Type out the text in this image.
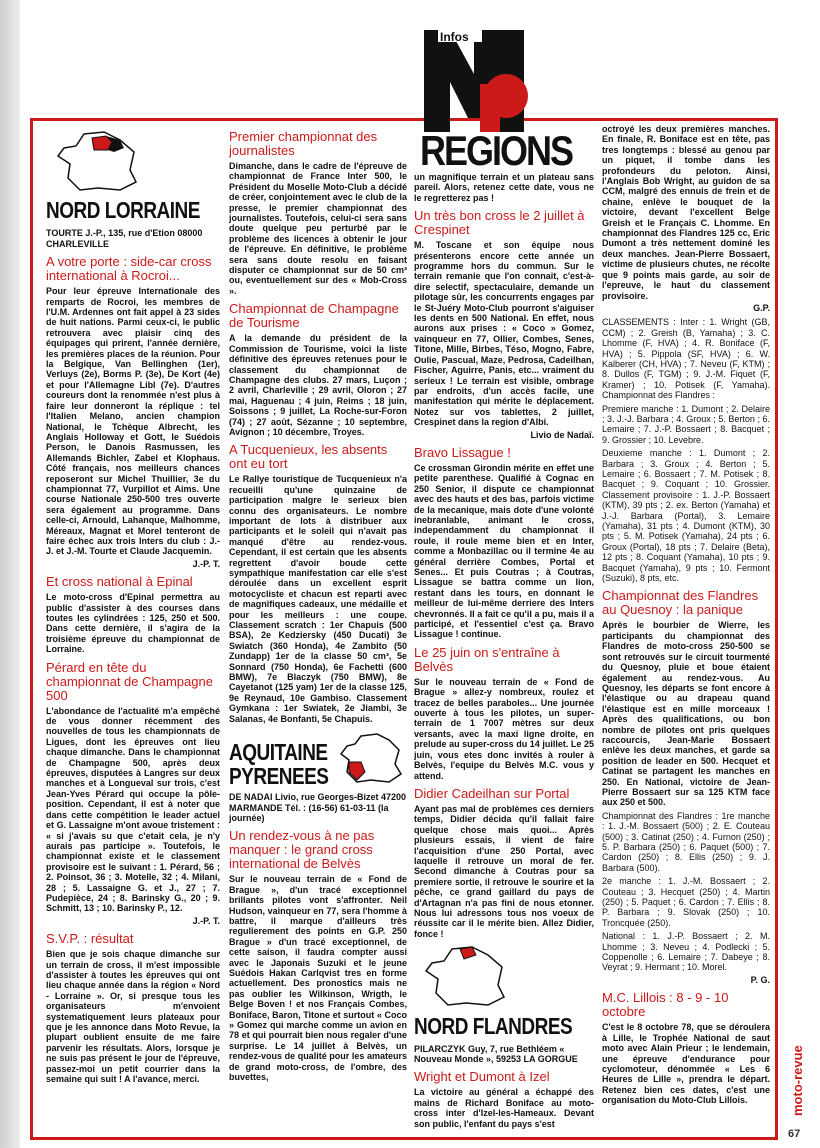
Infos
REGIONS
NORD LORRAINE
TOURTE J.-P., 135, rue d'Etion 08000 CHARLEVILLE
A votre porte : side-car cross international à Rocroi...

Pour leur épreuve Internationale des remparts de Rocroi, les membres de l'U.M. Ardennes ont fait appel à 23 sides de huit nations. Parmi ceux-ci, le public retrouvera avec plaisir cinq des équipages qui prirent, l'année dernière, les premières places de la réunion. Pour la Belgique, Van Bellinghen (1er), Verluys (2e), Borms P. (3e), De Kort (4e) et pour l'Allemagne Libl (7e). D'autres coureurs dont la renommée n'est plus à faire leur donneront la réplique : tel l'Italien Melano, ancien champion National, le Tchèque Albrecht, les Anglais Holloway et Gott, le Suédois Person, le Danois Rasmussen, les Allemands Bichler, Zabel et Klophaus. Côté français, nos meilleurs chances reposeront sur Michel Thuillier, 3e du championnat 77, Vurpillot et Aims. Une course Nationale 250-500 tres ouverte sera également au programme. Dans celle-ci, Arnould, Lahanque, Malhomme, Méreaux, Magnat et Morel tenteront de faire échec aux trois Inters du club : J.-J. et J.-M. Tourte et Claude Jacquemin.

J.-P. T.
Et cross national à Epinal

Le moto-cross d'Epinal permettra au public d'assister à des courses dans toutes les cylindrées : 125, 250 et 500. Dans cette dernière, il s'agira de la troisième épreuve du championnat de Lorraine.

Pérard en tête du championnat de Champagne 500

L'abondance de l'actualité m'a empêché de vous donner récemment des nouvelles de tous les championnats de Ligues, dont les épreuves ont lieu chaque dimanche. Dans le championnat de Champagne 500, après deux épreuves, disputées à Langres sur deux manches et à Longueval sur trois, c'est Jean-Yves Pérard qui occupe la pôle-position. Cependant, il est à noter que dans cette compétition le leader actuel et G. Lassaigne m'ont avoue tristement : « si j'avais su que c'etait cela, je n'y aurais pas participe ». Toutefois, le championnat existe et le classement provisoire est le suivant : 1. Pérard, 56 ; 2. Poinsot, 36 ; 3. Motelle, 32 ; 4. Milani, 28 ; 5. Lassaigne G. et J., 27 ; 7. Pudepièce, 24 ; 8. Barinsky G., 20 ; 9. Schmitt, 13 ; 10. Barinsky P., 12.

J.-P. T.
S.V.P. : résultat

Bien que je sois chaque dimanche sur un terrain de cross, il m'est impossible d'assister à toutes les épreuves qui ont lieu chaque année dans la région « Nord - Lorraine ». Or, si presque tous les organisateurs m'envoient systematiquement leurs plateaux pour que je les annonce dans Moto Revue, la plupart oublient ensuite de me faire parvenir les résultats. Alors, lorsque je ne suis pas présent le jour de l'épreuve, passez-moi un petit courrier dans la semaine qui suit ! A l'avance, merci.

Premier championnat des journalistes

Dimanche, dans le cadre de l'épreuve de championnat de France Inter 500, le Président du Moselle Moto-Club a décidé de créer, conjointement avec le club de la presse, le premier championnat des journalistes. Toutefois, celui-ci sera sans doute quelque peu perturbé par le problème des licences à obtenir le jour de l'épreuve. En définitive, le problème sera sans doute resolu en faisant disputer ce championnat sur de 50 cm³ ou, eventuellement sur des « Mob-Cross ».

Championnat de Champagne de Tourisme

A la demande du président de la Commission de Tourisme, voici la liste définitive des épreuves retenues pour le classement du championnat de Champagne des clubs. 27 mars, Luçon ; 2 avril, Charleville ; 29 avril, Oloron ; 27 mai, Haguenau ; 4 juin, Reims ; 18 juin, Soissons ; 9 juillet, La Roche-sur-Foron (74) ; 27 août, Sézanne ; 10 septembre, Avignon ; 10 décembre, Troyes.

A Tucquenieux, les absents ont eu tort

Le Rallye touristique de Tucquenieux n'a recueilli qu'une quinzaine de participation malgre le serieux bien connu des organisateurs. Le nombre important de lots à distribuer aux participants et le soleil qui n'avait pas manqué d'être au rendez-vous. Cependant, il est certain que les absents regrettent d'avoir boude cette sympathique manifestation car elle s'est déroulée dans un excellent esprit motocycliste et chacun est reparti avec de magnifiques cadeaux, une médaille et pour les meilleurs : une coupe. Classement scratch : 1er Chapuis (500 BSA), 2e Kedziersky (450 Ducati) 3e Swiatch (360 Honda), 4e Zambito (50 Zundapp) 1er de la classe 50 cm³, 5e Sonnard (750 Honda), 6e Fachetti (600 BMW), 7e Blaczyk (750 BMW), 8e Cayetanot (125 yam) 1er de la classe 125, 9e Reynaud, 10e Gambiso. Classement Gymkana : 1er Swiatek, 2e Jiambi, 3e Salanas, 4e Bonfanti, 5e Chapuis.

AQUITAINE PYRENEES
DE NADAI Livio, rue Georges-Bizet 47200 MARMANDE Tél. : (16-56) 61-03-11 (la journée)
Un rendez-vous à ne pas manquer : le grand cross international de Belvès

Sur le nouveau terrain de « Fond de Brague », d'un tracé exceptionnel brillants pilotes vont s'affronter. Neil Hudson, vainqueur en 77, sera l'homme à battre, il marque d'ailleurs très regulierement des points en G.P. 250 Brague » d'un tracé exceptionnel, de cette saison, il faudra compter aussi avec le Japonais Suzuki et le jeune Suédois Hakan Carlqvist tres en forme actuellement. Des pronostics mais ne pas oublier les Wilkinson, Wrigth, le Belge Boven ! et nos Français Combes, Boniface, Baron, Titone et surtout « Coco » Gomez qui marche comme un avion en 78 et qui pourrait bien nous regaler d'une surprise. Le 14 juillet à Belvès, un rendez-vous de qualité pour les amateurs de grand moto-cross, de l'ombre, des buvettes,

un magnifique terrain et un plateau sans pareil. Alors, retenez cette date, vous ne le regretterez pas !

Un très bon cross le 2 juillet à Crespinet

M. Toscane et son équipe nous présenterons encore cette année un programme hors du commun. Sur le terrain remanie que l'on connait, c'est-à-dire selectif, spectaculaire, demande un pilotage sûr, les concurrents engages par le St-Juéry Moto-Club pourront s'aiguiser les dents en 500 National. En effet, nous aurons aux prises : « Coco » Gomez, vainqueur en 77, Ollier, Combes, Senes, Titone, Mille, Birbes, Téso, Mogno, Fabre, Oulie, Pascual, Maze, Pedrosa, Cadeilhan, Fischer, Aguirre, Panis, etc... vraiment du serieux ! Le terrain est visible, ombrage par endroits, d'un accès facile, une manifestation qui mérite le déplacement. Notez sur vos tablettes, 2 juillet, Crespinet dans la region d'Albi.

Livio de Nadaï.
Bravo Lissague !

Ce crossman Girondin mérite en effet une petite parenthese. Qualifié à Cognac en 250 Senior, il dispute ce championnat avec des hauts et des bas, parfois victime de la mecanique, mais dote d'une volonté inebranlable, animant le cross, independamment du championnat il roule, il roule meme bien et en Inter, comme a Monbazillac ou il termine 4e au général derrière Combes, Portal et Senes... Et puis Coutras ; à Coutras, Lissague se battra comme un lion, restant dans les tours, en donnant le meilleur de lui-même derriere des Inters chevronnés. Il a fait ce qu'il a pu, mais il a participé, et l'essentiel c'est ça. Bravo Lissague ! continue.

Le 25 juin on s'entraîne à Belvès

Sur le nouveau terrain de « Fond de Brague » allez-y nombreux, roulez et tracez de belles paraboles... Une journée ouverte à tous les pilotes, un super-terrain de 1 7007 mètres sur deux versants, avec la maxi ligne droite, en prelude au super-cross du 14 juillet. Le 25 juin, vous etes donc invités à rouler à Belvès, l'equipe du Belvès M.C. vous y attend.

Didier Cadeilhan sur Portal

Ayant pas mal de problèmes ces derniers temps, Didier décida qu'il fallait faire quelque chose mais quoi... Après plusieurs essais, il vient de faire l'acquisition d'une 250 Portal, avec laquelle il retrouve un moral de fer. Second dimanche à Coutras pour sa premiere sortie, il retrouve le sourire et la pêche, ce grand gaillard du pays de d'Artagnan n'a pas fini de nous etonner. Nous lui adressons tous nos voeux de réussite car il le mérite bien. Allez Didier, fonce !

NORD FLANDRES
PILARCZYK Guy, 7, rue Bethléem « Nouveau Monde », 59253 LA GORGUE
Wright et Dumont à Izel

La victoire au général a échappé des mains de Richard Boniface au moto-cross inter d'Izel-les-Hameaux. Devant son public, l'enfant du pays s'est

octroyé les deux premières manches. En finale, R. Boniface est en tête, pas tres longtemps : blessé au genou par un piquet, il tombe dans les profondeurs du peloton. Ainsi, l'Anglais Bob Wright, au guidon de sa CCM, malgré des ennuis de frein et de chaine, enlève le bouquet de la victoire, devant l'excellent Belge Greish et le Français C. Lhomme. En championnat des Flandres 125 cc, Eric Dumont a très nettement dominé les deux manches. Jean-Pierre Bossaert, victime de plusieurs chutes, ne récolte que 9 points mais garde, au soir de l'epreuve, le haut du classement provisoire.

G.P.

CLASSEMENTS : Inter : 1. Wright (GB, CCM) ; 2. Greish (B, Yamaha) ; 3. C. Lhomme (F, HVA) ; 4. R. Boniface (F, HVA) ; 5. Pippola (SF, HVA) ; 6. W. Kalberer (CH, HVA) ; 7. Neveu (F, KTM) ; 8. Dullos (F, TGM) ; 9. J.-M. Fiquet (F, Kramer) ; 10. Potisek (F, Yamaha). Championnat des Flandres :

Premiere manche : 1. Dumont ; 2. Delaire ; 3. J.-J. Barbara ; 4. Groux ; 5. Berton ; 6. Lemaire ; 7. J.-P. Bossaert ; 8. Bacquet ; 9. Grossier ; 10. Levebre.

Deuxieme manche : 1. Dumont ; 2. Barbara ; 3. Groux ; 4. Berton ; 5. Lemaire ; 6. Bossaert ; 7. M. Potisek ; 8. Bacquet ; 9. Coquant ; 10. Grossier. Classement provisoire : 1. J.-P. Bossaert (KTM), 39 pts ; 2. ex. Berton (Yamaha) et J.-J. Barbara (Portal), 3. Lemaire (Yamaha), 31 pts ; 4. Dumont (KTM), 30 pts ; 5. M. Potisek (Yamaha), 24 pts ; 6. Groux (Portal), 18 pts ; 7. Delaire (Beta), 12 pts ; 8. Coquant (Yamaha), 10 pts ; 9. Bacquet (Yamaha), 9 pts ; 10. Fermont (Suzuki), 8 pts, etc.

Championnat des Flandres au Quesnoy : la panique

Après le bourbier de Wierre, les participants du championnat des Flandres de moto-cross 250-500 se sont retrouvés sur le circuit tourmenté du Quesnoy, pluie et boue étaient également au rendez-vous. Au Quesnoy, les départs se font encore à l'élastique ou au drapeau quand l'élastique est en mille morceaux ! Après des qualifications, ou bon nombre de pilotes ont pris quelques raccourcis, Jean-Marie Bossaert enlève les deux manches, et garde sa position de leader en 500. Hecquet et Catinat se partagent les manches en 250. En National, victoire de Jean-Pierre Bossaert sur sa 125 KTM face aux 250 et 500.

Championnat des Flandres : 1re manche : 1. J.-M. Bossaert (500) ; 2. E. Couteau (500) ; 3. Catinat (250) ; 4. Furnon (250) ; 5. P. Barbara (250) ; 6. Paquet (500) ; 7. Cardon (250) ; 8. Ellis (250) ; 9. J. Barbara (500).

2e manche : 1. J.-M. Bossaert ; 2. Couteau ; 3. Hecquet (250) ; 4. Martin (250) ; 5. Paquet ; 6. Cardon ; 7. Ellis ; 8. P. Barbara ; 9. Slovak (250) ; 10. Troncquée (250).

National : 1. J.-P. Bossaert ; 2. M. Lhomme ; 3. Neveu ; 4. Podlecki ; 5. Coppenolle ; 6. Lemaire ; 7. Dabeye ; 8. Veyrat ; 9. Hermant ; 10. Morel.

P. G.
M.C. Lillois : 8 - 9 - 10 octobre

C'est le 8 octobre 78, que se déroulera à Lille, le Trophée National de saut moto avec Alain Prieur ; le lendemain, une épreuve d'endurance pour cyclomoteur, dénommée « Les 6 Heures de Lille », prendra le départ. Retenez bien ces dates, c'est une organisation du Moto-Club Lillois.	moto-revue
67
